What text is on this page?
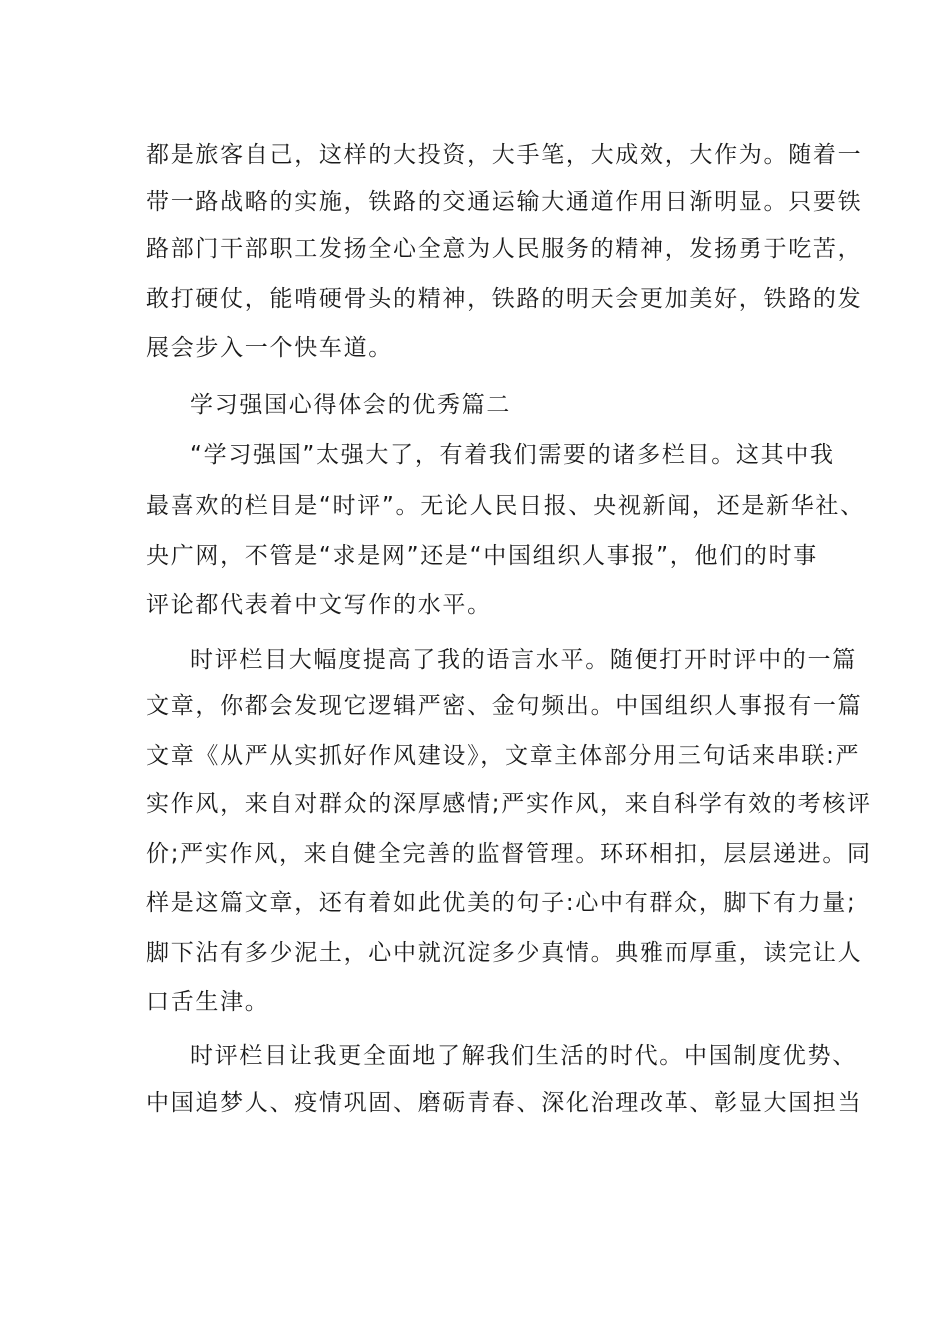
都是旅客自己，这样的大投资，大手笔，大成效，大作为。随着一
带一路战略的实施，铁路的交通运输大通道作用日渐明显。只要铁
路部门干部职工发扬全心全意为人民服务的精神，发扬勇于吃苦，
敢打硬仗，能啃硬骨头的精神，铁路的明天会更加美好，铁路的发
展会步入一个快车道。
学习强国心得体会的优秀篇二
“学习强国”太强大了，有着我们需要的诸多栏目。这其中我
最喜欢的栏目是“时评”。无论人民日报、央视新闻，还是新华社、
央广网，不管是“求是网”还是“中国组织人事报”，他们的时事
评论都代表着中文写作的水平。
时评栏目大幅度提高了我的语言水平。随便打开时评中的一篇
文章，你都会发现它逻辑严密、金句频出。中国组织人事报有一篇
文章《从严从实抓好作风建设》，文章主体部分用三句话来串联:严
实作风，来自对群众的深厚感情;严实作风，来自科学有效的考核评
价;严实作风，来自健全完善的监督管理。环环相扣，层层递进。同
样是这篇文章，还有着如此优美的句子:心中有群众，脚下有力量;
脚下沾有多少泥土，心中就沉淀多少真情。典雅而厚重，读完让人
口舌生津。
时评栏目让我更全面地了解我们生活的时代。中国制度优势、
中国追梦人、疫情巩固、磨砺青春、深化治理改革、彰显大国担当
